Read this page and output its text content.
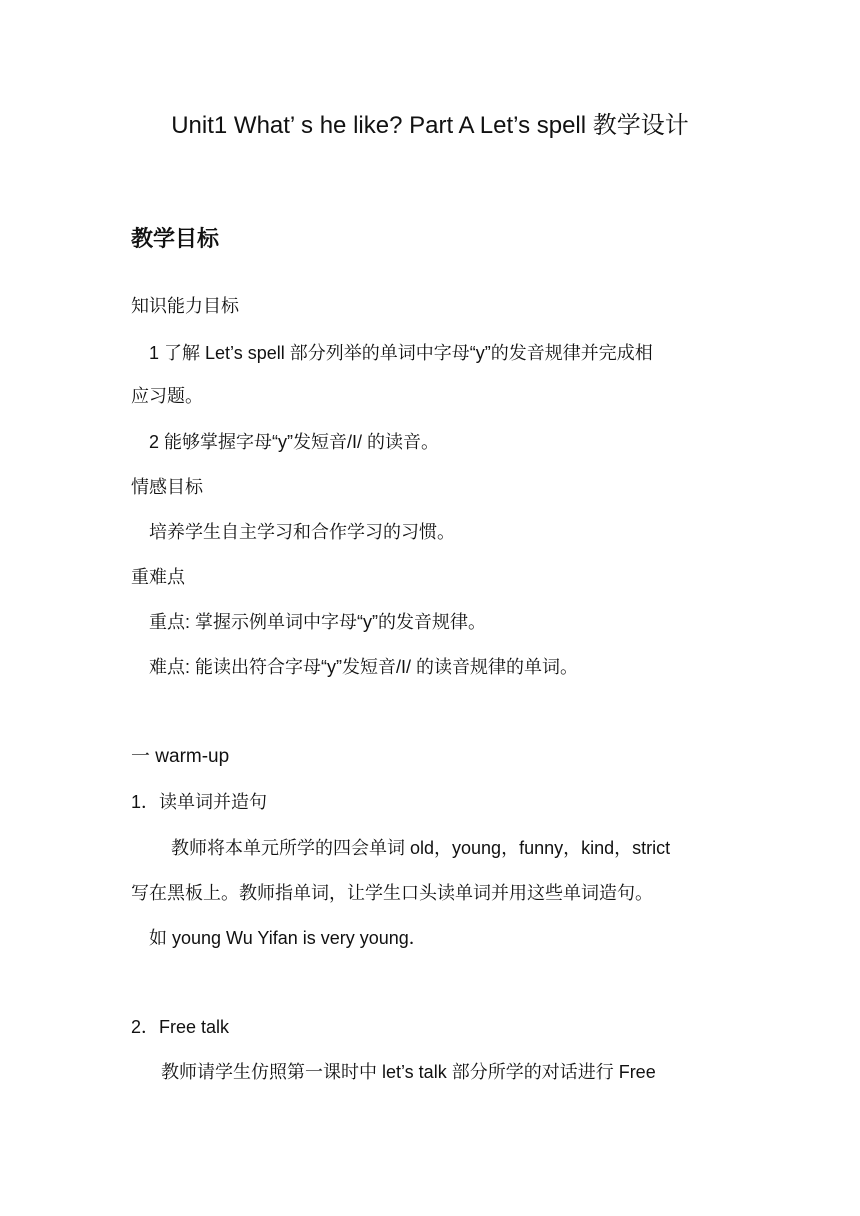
Unit1 What’ s he like? Part A Let’s spell 教学设计
教学目标
知识能力目标
1 了解 Let’s spell 部分列举的单词中字母“y”的发音规律并完成相
应习题。
2 能够掌握字母“y”发短音/I/ 的读音。
情感目标
培养学生自主学习和合作学习的习惯。
重难点
重点: 掌握示例单词中字母“y”的发音规律。
难点: 能读出符合字母“y”发短音/I/ 的读音规律的单词。
一 warm-up
1．读单词并造句
教师将本单元所学的四会单词 old，young，funny，kind，strict
写在黑板上。教师指单词，让学生口头读单词并用这些单词造句。
如 young Wu Yifan is very young．
2．Free talk
教师请学生仿照第一课时中 let’s talk 部分所学的对话进行 Free
